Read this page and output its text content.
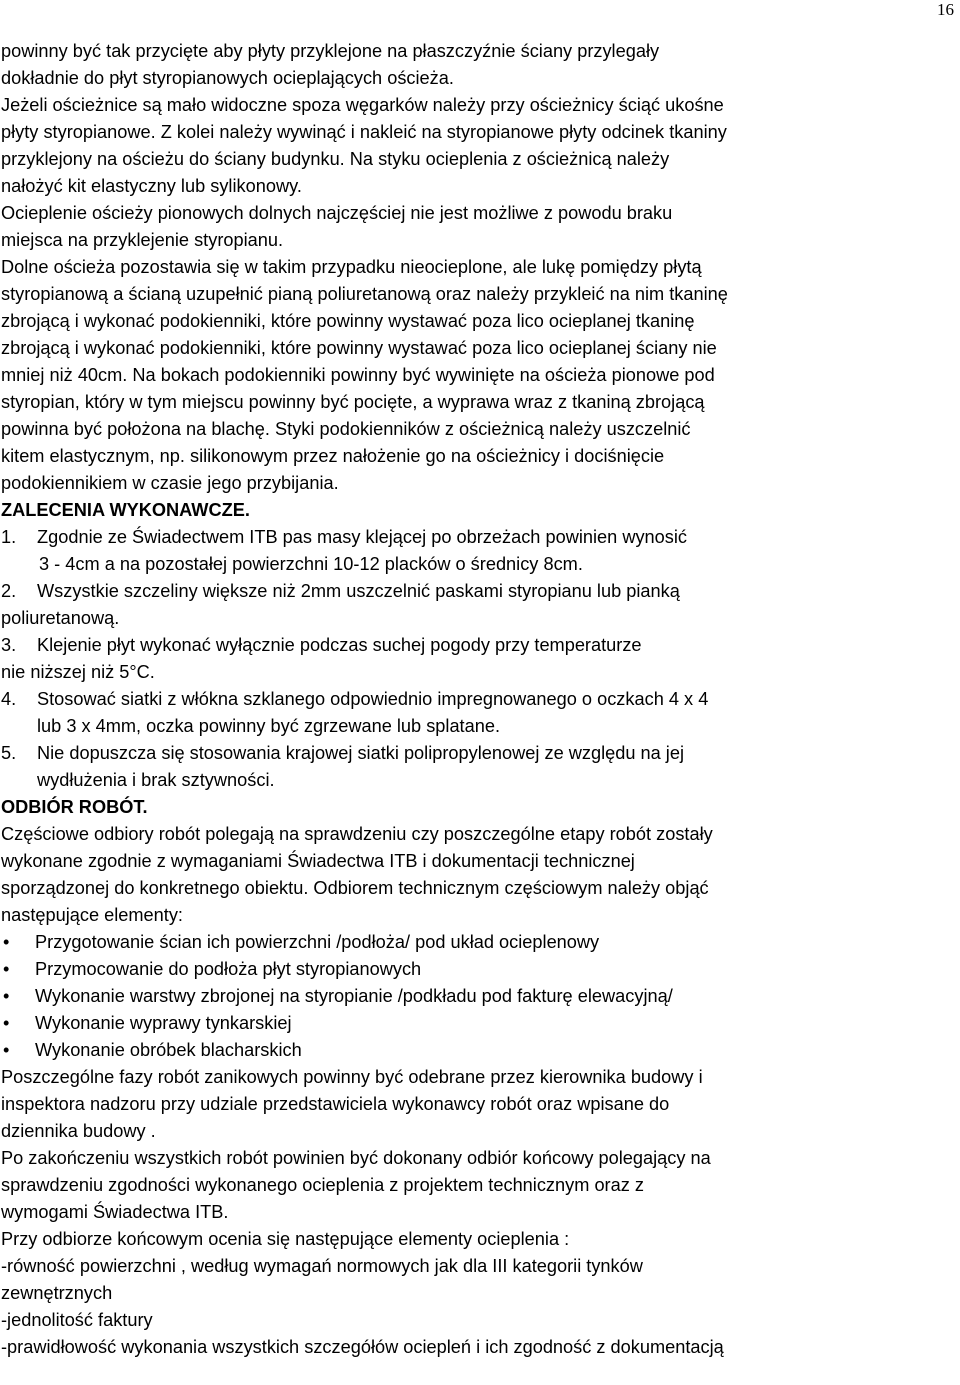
16
powinny być tak przycięte aby płyty przyklejone na płaszczyźnie ściany przylegały
dokładnie do płyt styropianowych ocieplających ościeża.
Jeżeli ościeżnice są mało widoczne spoza węgarków należy przy ościeżnicy ściąć ukośne
płyty styropianowe. Z kolei należy wywinąć i nakleić na styropianowe płyty odcinek tkaniny
przyklejony na ościeżu do ściany budynku. Na styku ocieplenia z ościeżnicą należy
nałożyć kit elastyczny lub sylikonowy.
Ocieplenie ościeży pionowych dolnych najczęściej nie jest możliwe z powodu braku
miejsca na przyklejenie styropianu.
Dolne ościeża pozostawia się w takim przypadku nieocieplone, ale lukę pomiędzy płytą
styropianową a ścianą uzupełnić pianą poliuretanową oraz należy przykleić na nim tkaninę
zbrojącą i wykonać podokienniki, które powinny wystawać poza lico ocieplanej tkaninę
zbrojącą i wykonać podokienniki, które powinny wystawać poza lico ocieplanej ściany nie
mniej niż 40cm. Na bokach podokienniki powinny być wywinięte na ościeża pionowe pod
styropian, który w tym miejscu powinny być pocięte, a wyprawa wraz z tkaniną zbrojącą
powinna być położona na blachę. Styki podokienników z ościeżnicą należy uszczelnić
kitem elastycznym, np. silikonowym przez nałożenie go na ościeżnicy i dociśnięcie
podokiennikiem w czasie jego przybijania.
ZALECENIA WYKONAWCZE.
1.	Zgodnie ze Świadectwem ITB pas masy klejącej po obrzeżach powinien wynosić
3 - 4cm a na pozostałej powierzchni 10-12 placków o średnicy 8cm.
2.	Wszystkie szczeliny większe niż 2mm uszczelnić paskami styropianu lub pianką
poliuretanową.
3.	Klejenie płyt wykonać wyłącznie podczas suchej pogody przy temperaturze
nie niższej niż 5°C.
4.	Stosować siatki z włókna szklanego odpowiednio impregnowanego o oczkach 4 x 4
lub 3 x 4mm, oczka powinny być zgrzewane lub splatane.
5.	Nie dopuszcza się stosowania krajowej siatki polipropylenowej ze względu na jej
wydłużenia i brak sztywności.
ODBIÓR ROBÓT.
Częściowe odbiory robót polegają na sprawdzeniu czy poszczególne etapy robót zostały
wykonane zgodnie z wymaganiami Świadectwa ITB i dokumentacji technicznej
sporządzonej do konkretnego obiektu. Odbiorem technicznym częściowym należy objąć
następujące elementy:
•	Przygotowanie ścian ich powierzchni /podłoża/ pod układ ocieplenowy
•	Przymocowanie do podłoża płyt styropianowych
•	Wykonanie warstwy zbrojonej na styropianie /podkładu pod fakturę elewacyjną/
•	Wykonanie wyprawy tynkarskiej
•	Wykonanie obróbek blacharskich
Poszczególne fazy robót zanikowych powinny być odebrane przez kierownika budowy i
inspektora nadzoru przy udziale przedstawiciela wykonawcy robót oraz wpisane do
dziennika budowy .
Po zakończeniu wszystkich robót powinien być dokonany odbiór końcowy polegający na
sprawdzeniu zgodności wykonanego ocieplenia z projektem technicznym oraz z
wymogami Świadectwa ITB.
Przy odbiorze końcowym ocenia się następujące elementy ocieplenia :
-równość powierzchni , według wymagań normowych jak dla III kategorii tynków
zewnętrznych
-jednolitość faktury
-prawidłowość wykonania wszystkich szczegółów ociepleń i ich zgodność z dokumentacją
